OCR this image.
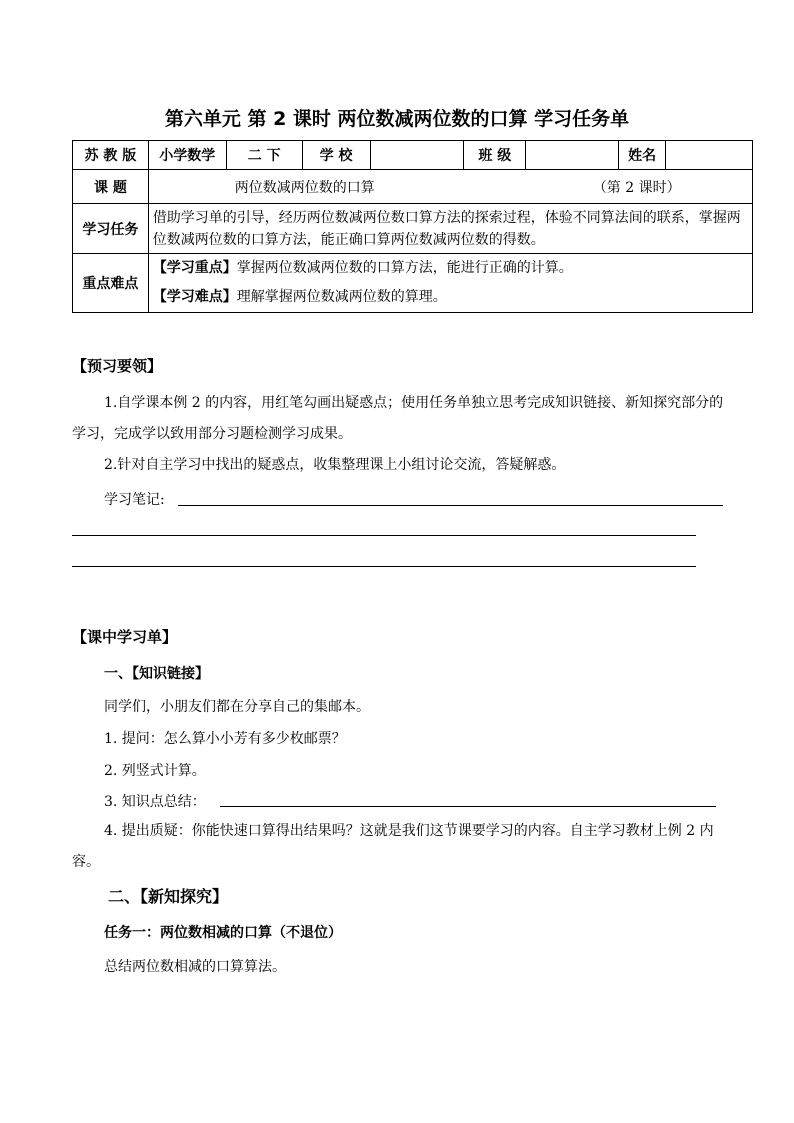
第六单元 第 2 课时 两位数减两位数的口算 学习任务单
苏 教 版	小学数学	二 下	学 校		班 级		姓名	
课 题	两位数减两位数的口算 （第 2 课时）							
学习任务	借助学习单的引导，经历两位数减两位数口算方法的探索过程，体验不同算法间的联系，掌握两位数减两位数的口算方法，能正确口算两位数减两位数的得数。							
重点难点	【学习重点】掌握两位数减两位数的口算方法，能进行正确的计算。
【学习难点】理解掌握两位数减两位数的算理。							
【预习要领】
1.自学课本例 2 的内容，用红笔勾画出疑惑点；使用任务单独立思考完成知识链接、新知探究部分的学习，完成学以致用部分习题检测学习成果。
2.针对自主学习中找出的疑惑点，收集整理课上小组讨论交流，答疑解惑。
学习笔记:
【课中学习单】
一、【知识链接】
同学们，小朋友们都在分享自己的集邮本。
1. 提问：怎么算小小芳有多少枚邮票？
2. 列竖式计算。
3. 知识点总结：
4. 提出质疑：你能快速口算得出结果吗？这就是我们这节课要学习的内容。自主学习教材上例 2 内容。
二、【新知探究】
任务一：两位数相减的口算（不退位）
总结两位数相减的口算算法。
